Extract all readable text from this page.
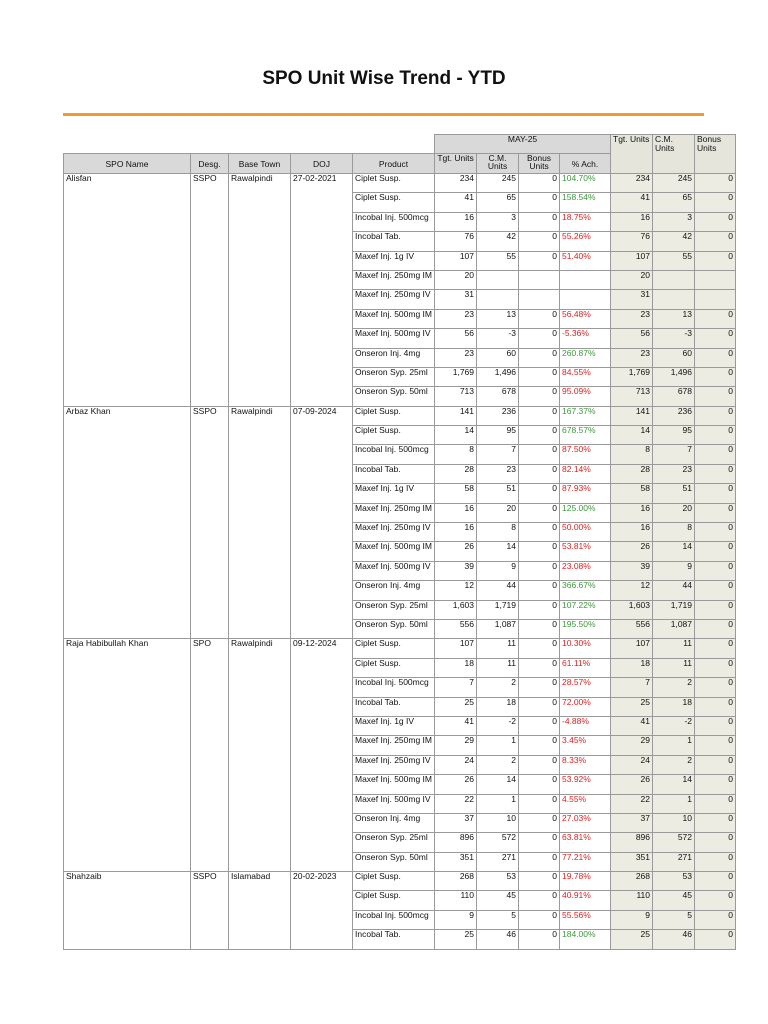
SPO Unit Wise Trend - YTD
					MAY-25				Tgt. Units	C.M. Units	Bonus Units
SPO Name	Desg.	Base Town	DOJ	Product	Tgt. Units	C.M. Units	Bonus Units	% Ach.			
Alisfan	SSPO	Rawalpindi	27-02-2021	Ciplet Susp.	234	245	0	104.70%	234	245	0
				Ciplet Susp.	41	65	0	158.54%	41	65	0
				Incobal Inj. 500mcg	16	3	0	18.75%	16	3	0
				Incobal Tab.	76	42	0	55.26%	76	42	0
				Maxef Inj. 1g IV	107	55	0	51.40%	107	55	0
				Maxef Inj. 250mg IM	20				20		
				Maxef Inj. 250mg IV	31				31		
				Maxef Inj. 500mg IM	23	13	0	56.48%	23	13	0
				Maxef Inj. 500mg IV	56	-3	0	-5.36%	56	-3	0
				Onseron Inj. 4mg	23	60	0	260.87%	23	60	0
				Onseron Syp. 25ml	1,769	1,496	0	84.55%	1,769	1,496	0
				Onseron Syp. 50ml	713	678	0	95.09%	713	678	0
Arbaz Khan	SSPO	Rawalpindi	07-09-2024	Ciplet Susp.	141	236	0	167.37%	141	236	0
				Ciplet Susp.	14	95	0	678.57%	14	95	0
				Incobal Inj. 500mcg	8	7	0	87.50%	8	7	0
				Incobal Tab.	28	23	0	82.14%	28	23	0
				Maxef Inj. 1g IV	58	51	0	87.93%	58	51	0
				Maxef Inj. 250mg IM	16	20	0	125.00%	16	20	0
				Maxef Inj. 250mg IV	16	8	0	50.00%	16	8	0
				Maxef Inj. 500mg IM	26	14	0	53.81%	26	14	0
				Maxef Inj. 500mg IV	39	9	0	23.08%	39	9	0
				Onseron Inj. 4mg	12	44	0	366.67%	12	44	0
				Onseron Syp. 25ml	1,603	1,719	0	107.22%	1,603	1,719	0
				Onseron Syp. 50ml	556	1,087	0	195.50%	556	1,087	0
Raja Habibullah Khan	SPO	Rawalpindi	09-12-2024	Ciplet Susp.	107	11	0	10.30%	107	11	0
				Ciplet Susp.	18	11	0	61.11%	18	11	0
				Incobal Inj. 500mcg	7	2	0	28.57%	7	2	0
				Incobal Tab.	25	18	0	72.00%	25	18	0
				Maxef Inj. 1g IV	41	-2	0	-4.88%	41	-2	0
				Maxef Inj. 250mg IM	29	1	0	3.45%	29	1	0
				Maxef Inj. 250mg IV	24	2	0	8.33%	24	2	0
				Maxef Inj. 500mg IM	26	14	0	53.92%	26	14	0
				Maxef Inj. 500mg IV	22	1	0	4.55%	22	1	0
				Onseron Inj. 4mg	37	10	0	27.03%	37	10	0
				Onseron Syp. 25ml	896	572	0	63.81%	896	572	0
				Onseron Syp. 50ml	351	271	0	77.21%	351	271	0
Shahzaib	SSPO	Islamabad	20-02-2023	Ciplet Susp.	268	53	0	19.78%	268	53	0
				Ciplet Susp.	110	45	0	40.91%	110	45	0
				Incobal Inj. 500mcg	9	5	0	55.56%	9	5	0
				Incobal Tab.	25	46	0	184.00%	25	46	0
